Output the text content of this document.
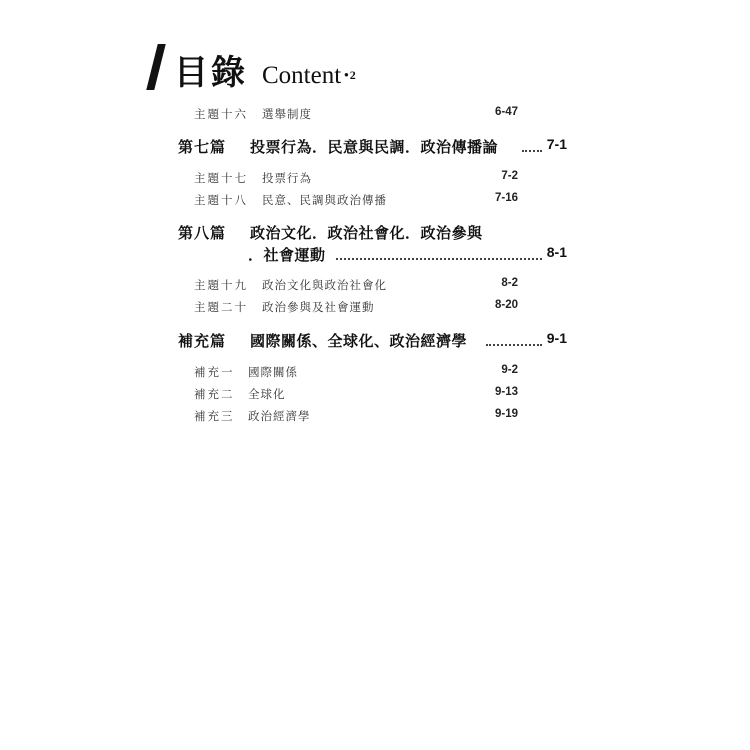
目錄 Content • 2
主題十六 選舉制度	6-47
第七篇 投票行為．民意與民調．政治傳播論	7-1
主題十七 投票行為	7-2
主題十八 民意、民調與政治傳播	7-16
第八篇 政治文化．政治社會化．政治參與
．社會運動	8-1
主題十九 政治文化與政治社會化	8-2
主題二十 政治參與及社會運動	8-20
補充篇 國際關係、全球化、政治經濟學	9-1
補充一 國際關係	9-2
補充二 全球化	9-13
補充三 政治經濟學	9-19
